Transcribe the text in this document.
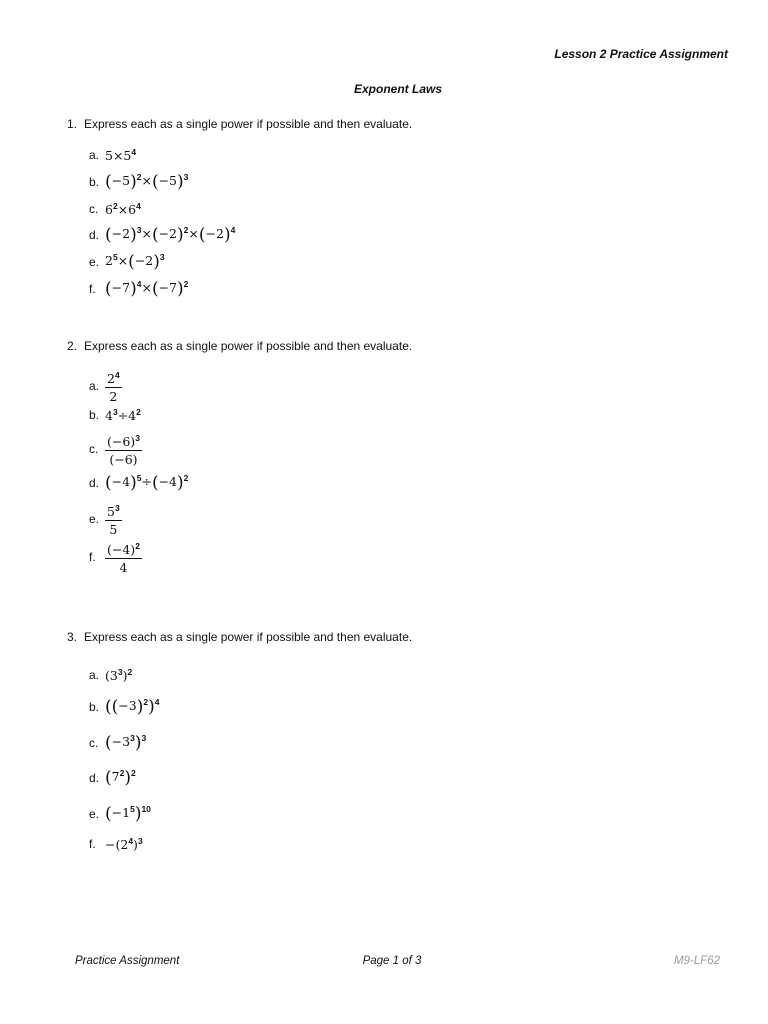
Lesson 2 Practice Assignment
Exponent Laws
1. Express each as a single power if possible and then evaluate.
a. $5\times 5^4$
b. $(-5)^2\times(-5)^3$
c. $6^2\times 6^4$
d. $(-2)^3\times(-2)^2\times(-2)^4$
e. $2^5\times(-2)^3$
f. $(-7)^4\times(-7)^2$
2. Express each as a single power if possible and then evaluate.
a. $\frac{2^4}{2}$
b. $4^3\div 4^2$
c. $\frac{(-6)^3}{(-6)}$
d. $(-4)^5\div(-4)^2$
e. $\frac{5^3}{5}$
f. $\frac{(-4)^2}{4}$
3. Express each as a single power if possible and then evaluate.
a. $(3^3)^2$
b. $((-3)^2)^4$
c. $(-3^3)^3$
d. $(7^2)^2$
e. $(-1^5)^{10}$
f. $-(2^4)^3$
Practice Assignment	Page 1 of 3	M9-LF62
